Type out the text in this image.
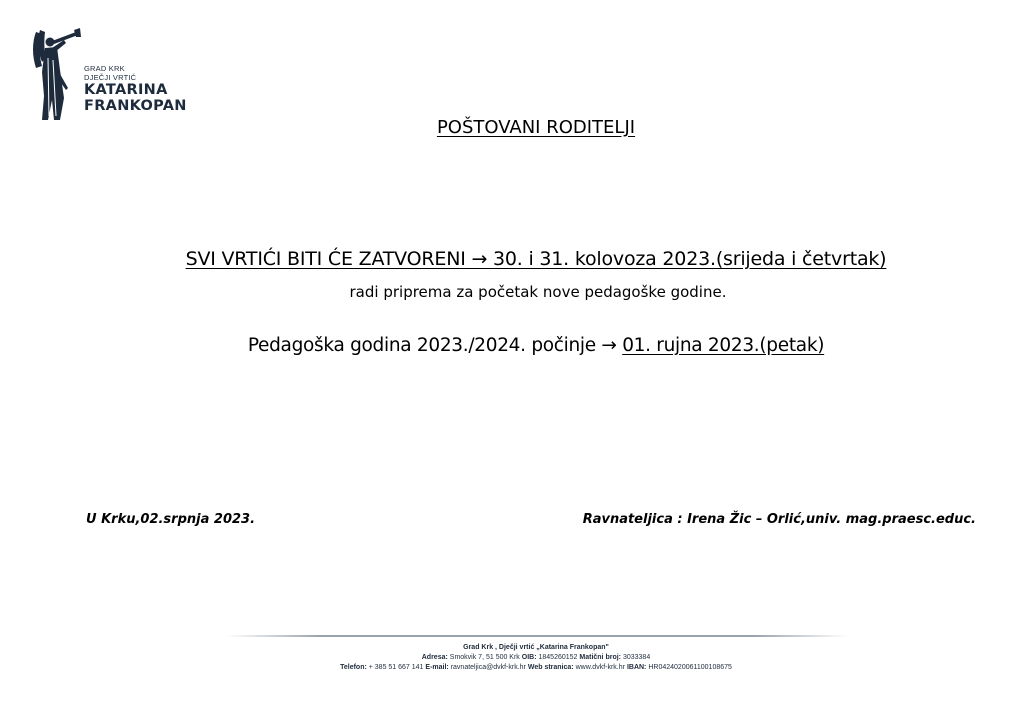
GRAD KRK
DJEČJI VRTIĆ
KATARINA
FRANKOPAN
POŠTOVANI RODITELJI
SVI VRTIĆI BITI ĆE ZATVORENI → 30. i 31. kolovoza 2023.(srijeda i četvrtak)
radi priprema za početak nove pedagoške godine.
Pedagoška godina 2023./2024. počinje → 01. rujna 2023.(petak)
U Krku,02.srpnja 2023.	Ravnateljica : Irena Žic – Orlić,univ. mag.praesc.educ.
Grad Krk , Dječji vrtić „Katarina Frankopan"
Adresa: Smokvik 7, 51 500 Krk OIB: 1845260152 Matični broj: 3033384
Telefon: + 385 51 667 141 E-mail: ravnateljica@dvkf-krk.hr Web stranica: www.dvkf-krk.hr IBAN: HR0424020061100108675
